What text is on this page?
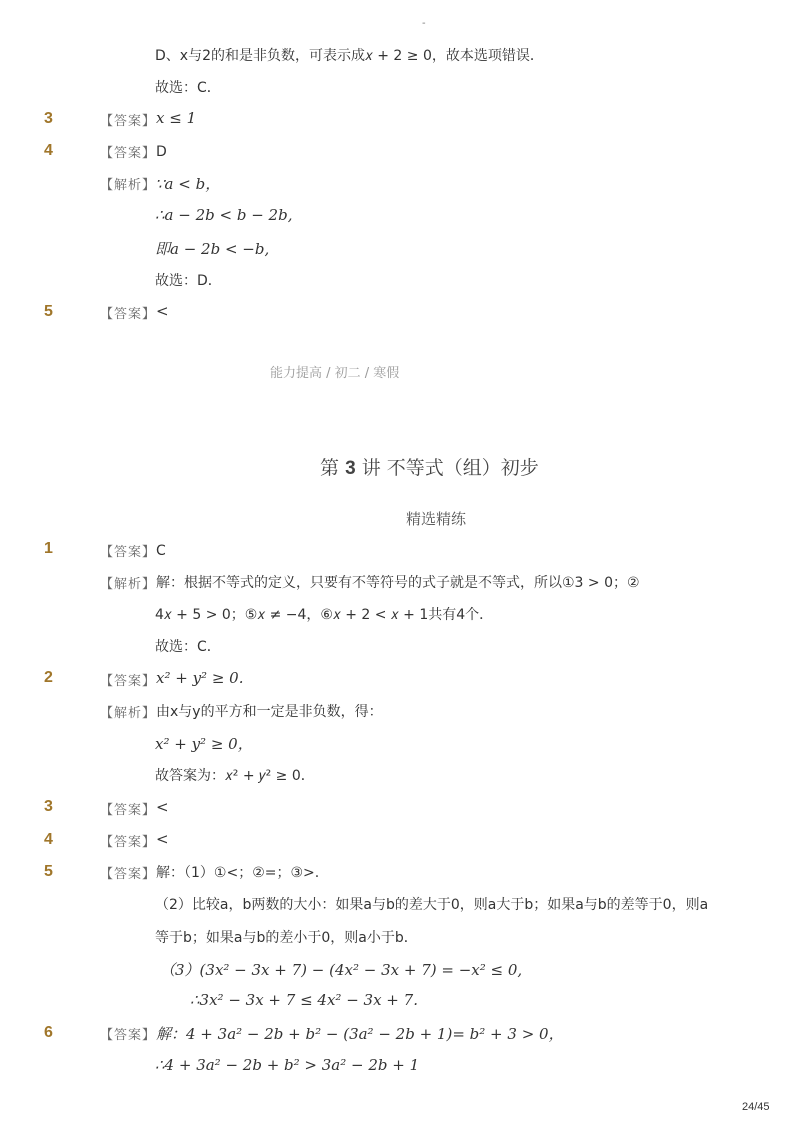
-
D、x与2的和是非负数，可表示成𝑥 + 2 ≥ 0，故本选项错误．
故选：C．
3	【答案】 𝑥 ≤ 1
4	【答案】 D
【解析】
∵𝑎 < 𝑏，
∴𝑎 − 2𝑏 < 𝑏 − 2𝑏,
即𝑎 − 2𝑏 < −𝑏,
故选：D．
5	【答案】 <
能力提高 / 初二 / 寒假
第 3 讲 不等式（组）初步
精选精练
1	【答案】 C
【解析】 解：根据不等式的定义，只要有不等符号的式子就是不等式，所以①3 > 0；②
4𝑥 + 5 > 0；⑤𝑥 ≠ −4，⑥𝑥 + 2 < 𝑥 + 1共有4个．
故选：C．
2	【答案】 𝑥² + 𝑦² ≥ 0.
【解析】 由x与y的平方和一定是非负数，得：
𝑥² + 𝑦² ≥ 0，
故答案为：𝑥² + 𝑦² ≥ 0．
3	【答案】 <
4	【答案】 <
5	【答案】 解：（1）①<；②=；③>.
（2）比较a，b两数的大小：如果a与b的差大于0，则a大于b；如果a与b的差等于0，则a
等于b；如果a与b的差小于0，则a小于b．
（3）(3𝑥² − 3𝑥 + 7) − (4𝑥² − 3𝑥 + 7) = −𝑥² ≤ 0,
∴3𝑥² − 3𝑥 + 7 ≤ 4𝑥² − 3𝑥 + 7.
6	【答案】 解：4 + 3𝑎² − 2𝑏 + 𝑏² − (3𝑎² − 2𝑏 + 1)= 𝑏² + 3 > 0，
∴4 + 3𝑎² − 2𝑏 + 𝑏² > 3𝑎² − 2𝑏 + 1
24/45
